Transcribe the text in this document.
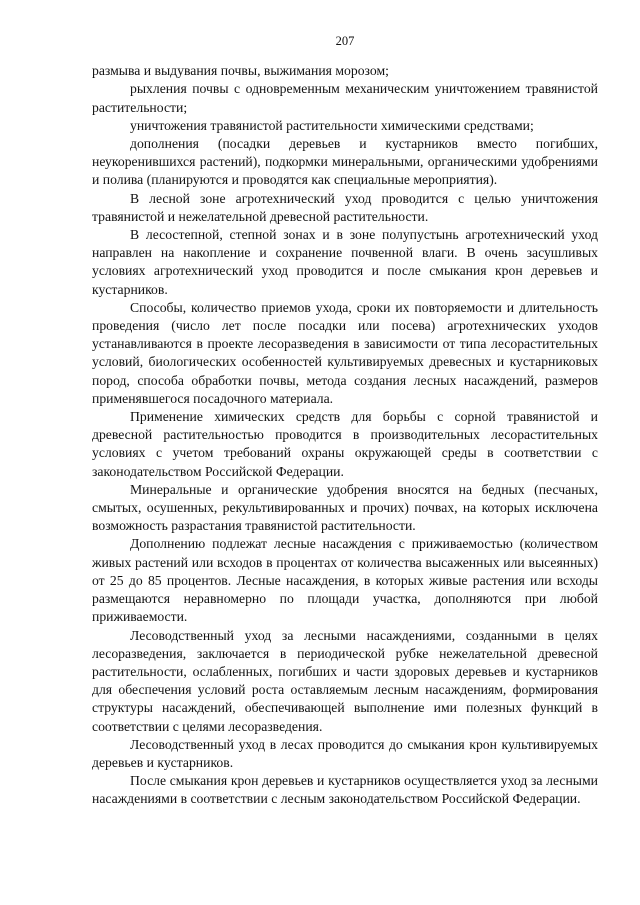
207

размыва и выдувания почвы, выжимания морозом;

рыхления почвы с одновременным механическим уничтожением травянистой растительности;

уничтожения травянистой растительности химическими средствами;

дополнения (посадки деревьев и кустарников вместо погибших, неукоренившихся растений), подкормки минеральными, органическими удобрениями и полива (планируются и проводятся как специальные мероприятия).

В лесной зоне агротехнический уход проводится с целью уничтожения травянистой и нежелательной древесной растительности.

В лесостепной, степной зонах и в зоне полупустынь агротехнический уход направлен на накопление и сохранение почвенной влаги. В очень засушливых условиях агротехнический уход проводится и после смыкания крон деревьев и кустарников.

Способы, количество приемов ухода, сроки их повторяемости и длительность проведения (число лет после посадки или посева) агротехнических уходов устанавливаются в проекте лесоразведения в зависимости от типа лесорастительных условий, биологических особенностей культивируемых древесных и кустарниковых пород, способа обработки почвы, метода создания лесных насаждений, размеров применявшегося посадочного материала.

Применение химических средств для борьбы с сорной травянистой и древесной растительностью проводится в производительных лесорастительных условиях с учетом требований охраны окружающей среды в соответствии с законодательством Российской Федерации.

Минеральные и органические удобрения вносятся на бедных (песчаных, смытых, осушенных, рекультивированных и прочих) почвах, на которых исключена возможность разрастания травянистой растительности.

Дополнению подлежат лесные насаждения с приживаемостью (количеством живых растений или всходов в процентах от количества высаженных или высеянных) от 25 до 85 процентов. Лесные насаждения, в которых живые растения или всходы размещаются неравномерно по площади участка, дополняются при любой приживаемости.

Лесоводственный уход за лесными насаждениями, созданными в целях лесоразведения, заключается в периодической рубке нежелательной древесной растительности, ослабленных, погибших и части здоровых деревьев и кустарников для обеспечения условий роста оставляемым лесным насаждениям, формирования структуры насаждений, обеспечивающей выполнение ими полезных функций в соответствии с целями лесоразведения.

Лесоводственный уход в лесах проводится до смыкания крон культивируемых деревьев и кустарников.

После смыкания крон деревьев и кустарников осуществляется уход за лесными насаждениями в соответствии с лесным законодательством Российской Федерации.
